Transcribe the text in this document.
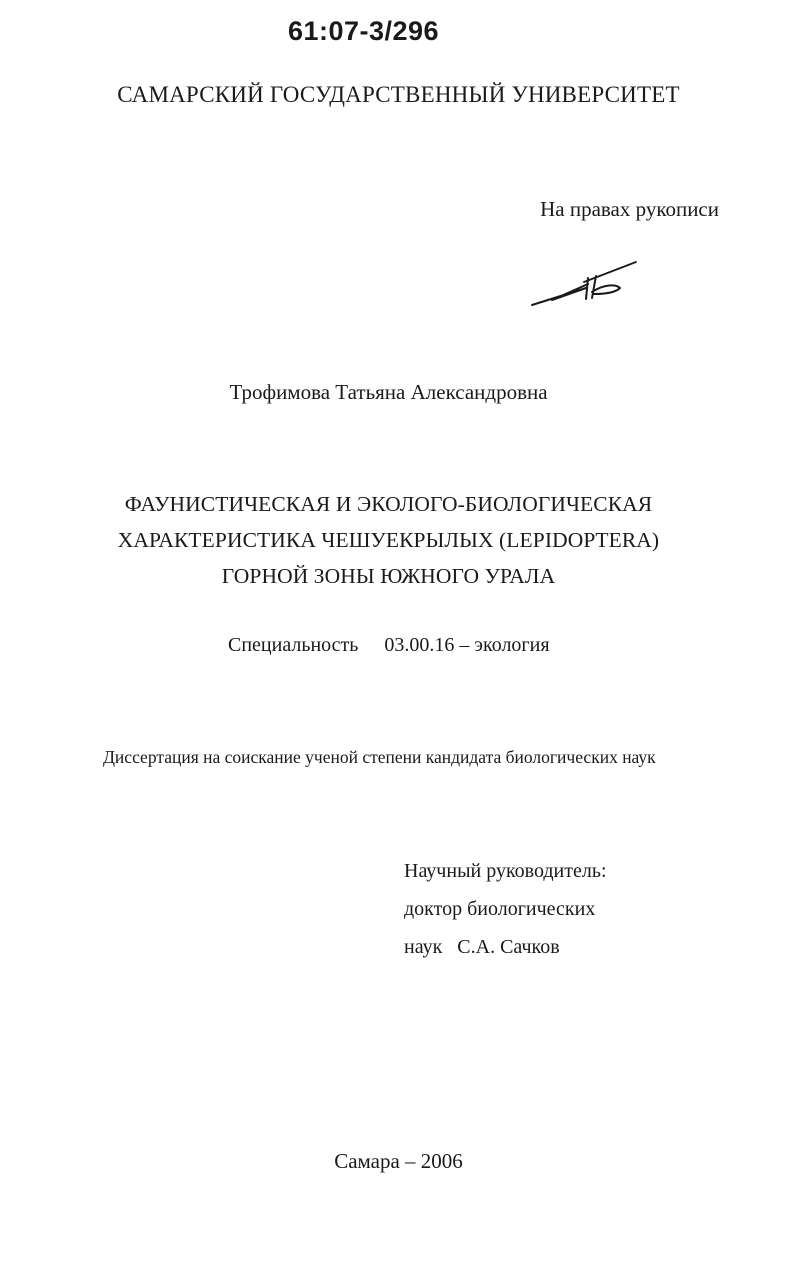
61:07-3/296
САМАРСКИЙ ГОСУДАРСТВЕННЫЙ УНИВЕРСИТЕТ
На правах рукописи
Трофимова Татьяна Александровна
ФАУНИСТИЧЕСКАЯ И ЭКОЛОГО-БИОЛОГИЧЕСКАЯ
ХАРАКТЕРИСТИКА ЧЕШУЕКРЫЛЫХ (LEPIDOPTERA)
ГОРНОЙ ЗОНЫ ЮЖНОГО УРАЛА
Специальность 03.00.16 – экология
Диссертация на соискание ученой степени кандидата биологических наук
Научный руководитель:
доктор биологических
наук   С.А. Сачков
Самара – 2006
